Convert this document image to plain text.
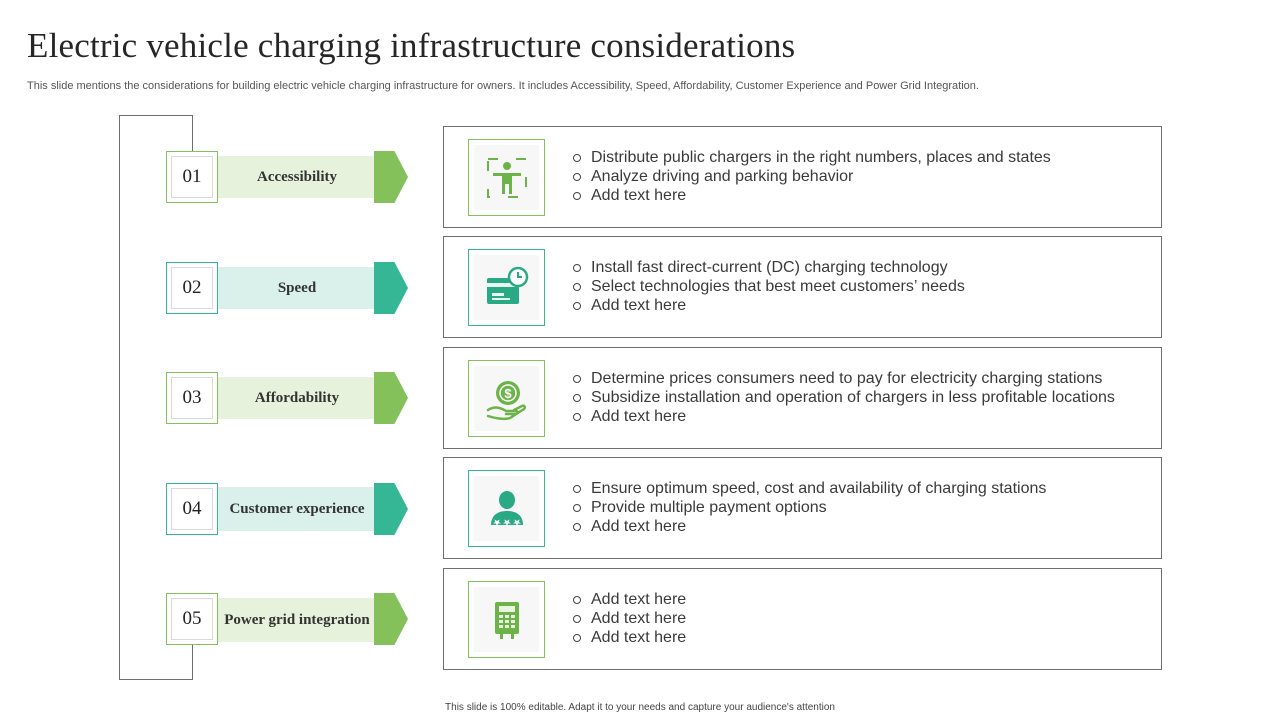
Electric vehicle charging infrastructure considerations
This slide mentions the considerations for building electric vehicle charging infrastructure for owners. It includes Accessibility, Speed, Affordability, Customer Experience and Power Grid Integration.
01	Accessibility
Distribute public chargers in the right numbers, places and states
Analyze driving and parking behavior
Add text here
02	Speed
Install fast direct-current (DC) charging technology
Select technologies that best meet customers’ needs
Add text here
03	Affordability	$
Determine prices consumers need to pay for electricity charging stations
Subsidize installation and operation of chargers in less profitable locations
Add text here
04	Customer experience
Ensure optimum speed, cost and availability of charging stations
Provide multiple payment options
Add text here
05	Power grid integration
Add text here
Add text here
Add text here
This slide is 100% editable. Adapt it to your needs and capture your audience's attention
